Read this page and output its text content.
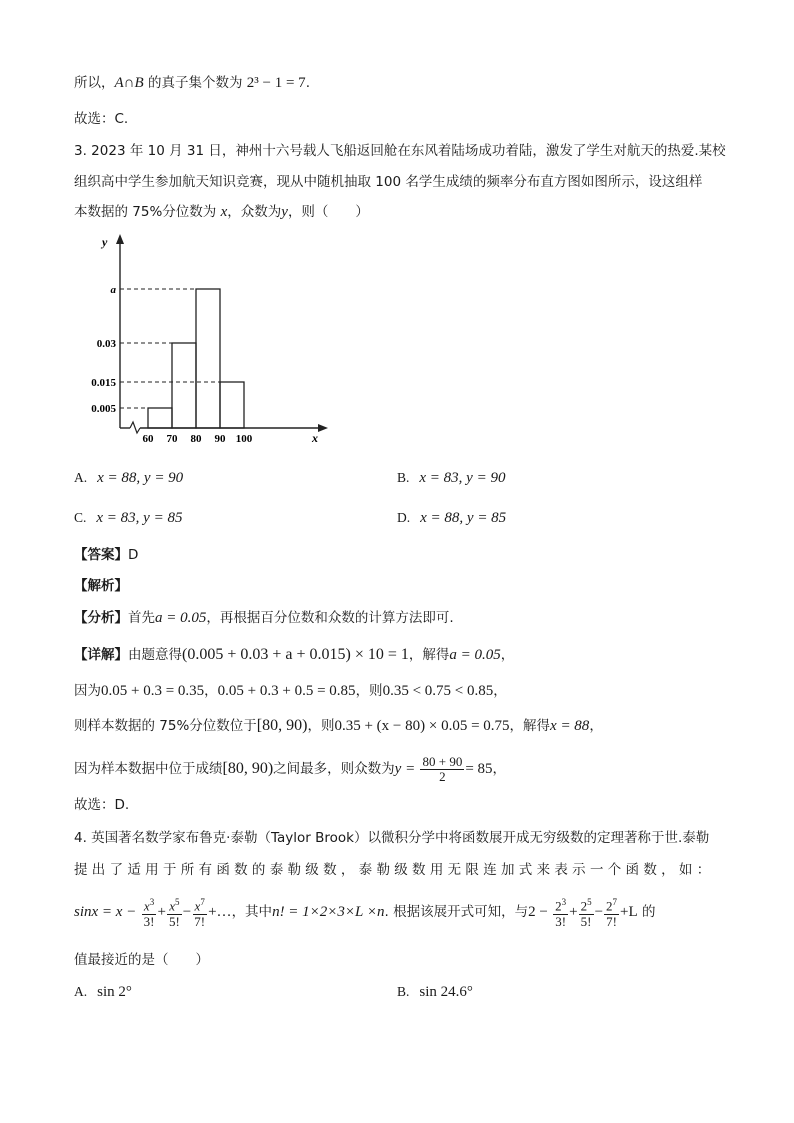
所以，A∩B 的真子集个数为 2³ − 1 = 7.
故选：C.
3. 2023 年 10 月 31 日，神州十六号载人飞船返回舱在东风着陆场成功着陆，激发了学生对航天的热爱.某校
组织高中学生参加航天知识竞赛，现从中随机抽取 100 名学生成绩的频率分布直方图如图所示，设这组样
本数据的 75%分位数为 x，众数为y，则（　　）
y
x
0.005
0.015
0.03
a
60 70 80 90 100
A. x = 88, y = 90	B. x = 83, y = 90
C. x = 83, y = 85	D. x = 88, y = 85
【答案】D
【解析】
【分析】首先a = 0.05，再根据百分位数和众数的计算方法即可.
【详解】由题意得(0.005 + 0.03 + a + 0.015) × 10 = 1，解得a = 0.05，
因为0.05 + 0.3 = 0.35，0.05 + 0.3 + 0.5 = 0.85，则0.35 < 0.75 < 0.85，
则样本数据的 75%分位数位于[80, 90)，则0.35 + (x − 80) × 0.05 = 0.75，解得x = 88，
因为样本数据中位于成绩[80, 90)之间最多，则众数为$y = \frac{80 + 90}{2} = 85$，
故选：D.
4. 英国著名数学家布鲁克·泰勒（Taylor Brook）以微积分学中将函数展开成无穷级数的定理著称于世.泰勒
提 出 了 适 用 于 所 有 函 数 的 泰 勒 级 数 ， 泰 勒 级 数 用 无 限 连 加 式 来 表 示 一 个 函 数 ， 如 ：
$\sin x = x - \frac{x^3}{3!} + \frac{x^5}{5!} - \frac{x^7}{7!}$ +…，其中n! = 1×2×3×L ×n. 根据该展开式可知，与$2 - \frac{2^3}{3!} + \frac{2^5}{5!} - \frac{2^7}{7!} +L$ 的
值最接近的是（　　）
A. sin 2°	B. sin 24.6°
